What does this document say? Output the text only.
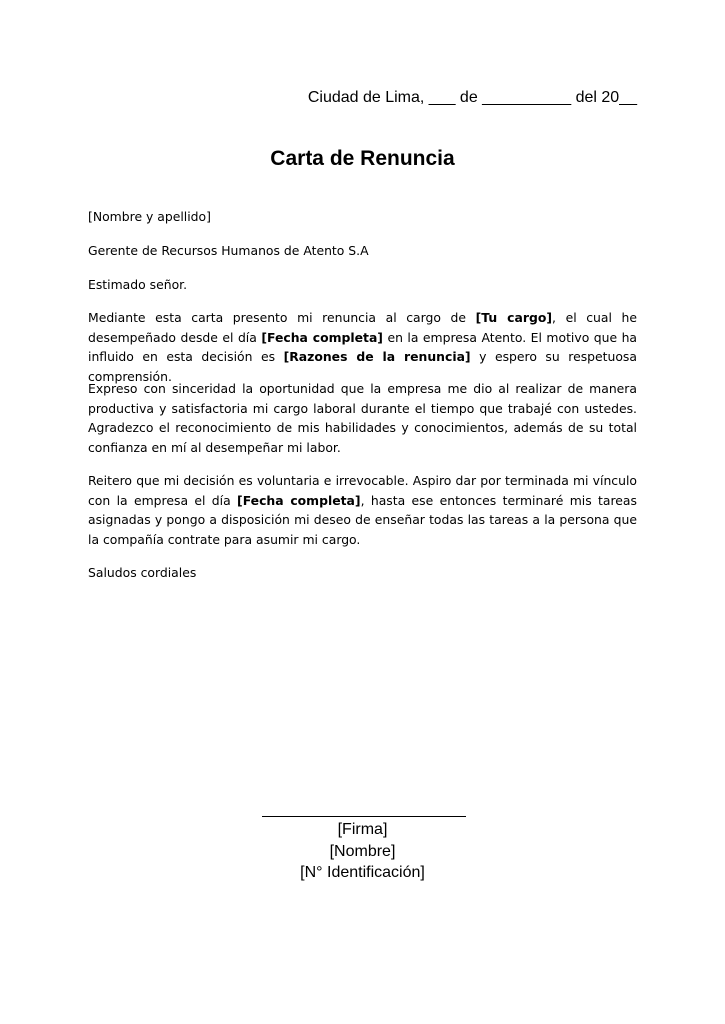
Ciudad de Lima, ___ de __________ del 20__
Carta de Renuncia
[Nombre y apellido]
Gerente de Recursos Humanos de Atento S.A
Estimado señor.
Mediante esta carta presento mi renuncia al cargo de [Tu cargo], el cual he desempeñado desde el día [Fecha completa] en la empresa Atento. El motivo que ha influido en esta decisión es [Razones de la renuncia] y espero su respetuosa comprensión.
Expreso con sinceridad la oportunidad que la empresa me dio al realizar de manera productiva y satisfactoria mi cargo laboral durante el tiempo que trabajé con ustedes. Agradezco el reconocimiento de mis habilidades y conocimientos, además de su total confianza en mí al desempeñar mi labor.
Reitero que mi decisión es voluntaria e irrevocable. Aspiro dar por terminada mi vínculo con la empresa el día [Fecha completa], hasta ese entonces terminaré mis tareas asignadas y pongo a disposición mi deseo de enseñar todas las tareas a la persona que la compañía contrate para asumir mi cargo.
Saludos cordiales
[Firma]
[Nombre]
[N° Identificación]
